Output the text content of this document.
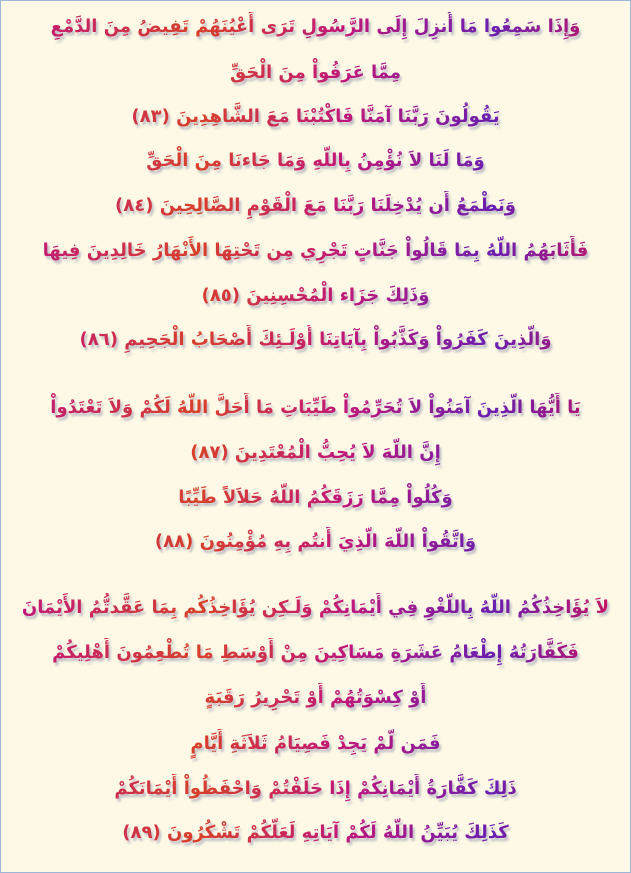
وَإِذَا سَمِعُوا مَا أُنزِلَ إِلَى الرَّسُولِ تَرَى أَعْيُنَهُمْ تَفِيضُ مِنَ الدَّمْعِ
مِمَّا عَرَفُواْ مِنَ الْحَقِّ
يَقُولُونَ رَبَّنَا آمَنَّا فَاكْتُبْنَا مَعَ الشَّاهِدِينَ (٨٣)
وَمَا لَنَا لاَ نُؤْمِنُ بِاللّهِ وَمَا جَاءنَا مِنَ الْحَقِّ
وَنَطْمَعُ أَن يُدْخِلَنَا رَبَّنَا مَعَ الْقَوْمِ الصَّالِحِينَ (٨٤)
فَأَثَابَهُمُ اللّهُ بِمَا قَالُواْ جَنَّاتٍ تَجْرِي مِن تَحْتِهَا الأَنْهَارُ خَالِدِينَ فِيهَا
وَذَلِكَ جَزَاء الْمُحْسِنِينَ (٨٥)
وَالَّذِينَ كَفَرُواْ وَكَذَّبُواْ بِآيَاتِنَا أُوْلَـئِكَ أَصْحَابُ الْجَحِيمِ (٨٦)
يَا أَيُّهَا الَّذِينَ آمَنُواْ لاَ تُحَرِّمُواْ طَيِّبَاتِ مَا أَحَلَّ اللّهُ لَكُمْ وَلاَ تَعْتَدُواْ
إِنَّ اللّهَ لاَ يُحِبُّ الْمُعْتَدِينَ (٨٧)
وَكُلُواْ مِمَّا رَزَقَكُمُ اللّهُ حَلاَلاً طَيِّبًا
وَاتَّقُواْ اللّهَ الَّذِيَ أَنتُم بِهِ مُؤْمِنُونَ (٨٨)
لاَ يُؤَاخِذُكُمُ اللّهُ بِاللَّغْوِ فِي أَيْمَانِكُمْ وَلَـكِن يُؤَاخِذُكُم بِمَا عَقَّدتُّمُ الأَيْمَانَ
فَكَفَّارَتُهُ إِطْعَامُ عَشَرَةِ مَسَاكِينَ مِنْ أَوْسَطِ مَا تُطْعِمُونَ أَهْلِيكُمْ
أَوْ كِسْوَتُهُمْ أَوْ تَحْرِيرُ رَقَبَةٍ
فَمَن لَّمْ يَجِدْ فَصِيَامُ ثَلاَثَةِ أَيَّامٍ
ذَلِكَ كَفَّارَةُ أَيْمَانِكُمْ إِذَا حَلَفْتُمْ وَاحْفَظُواْ أَيْمَانَكُمْ
كَذَلِكَ يُبَيِّنُ اللّهُ لَكُمْ آيَاتِهِ لَعَلَّكُمْ تَشْكُرُونَ (٨٩)
